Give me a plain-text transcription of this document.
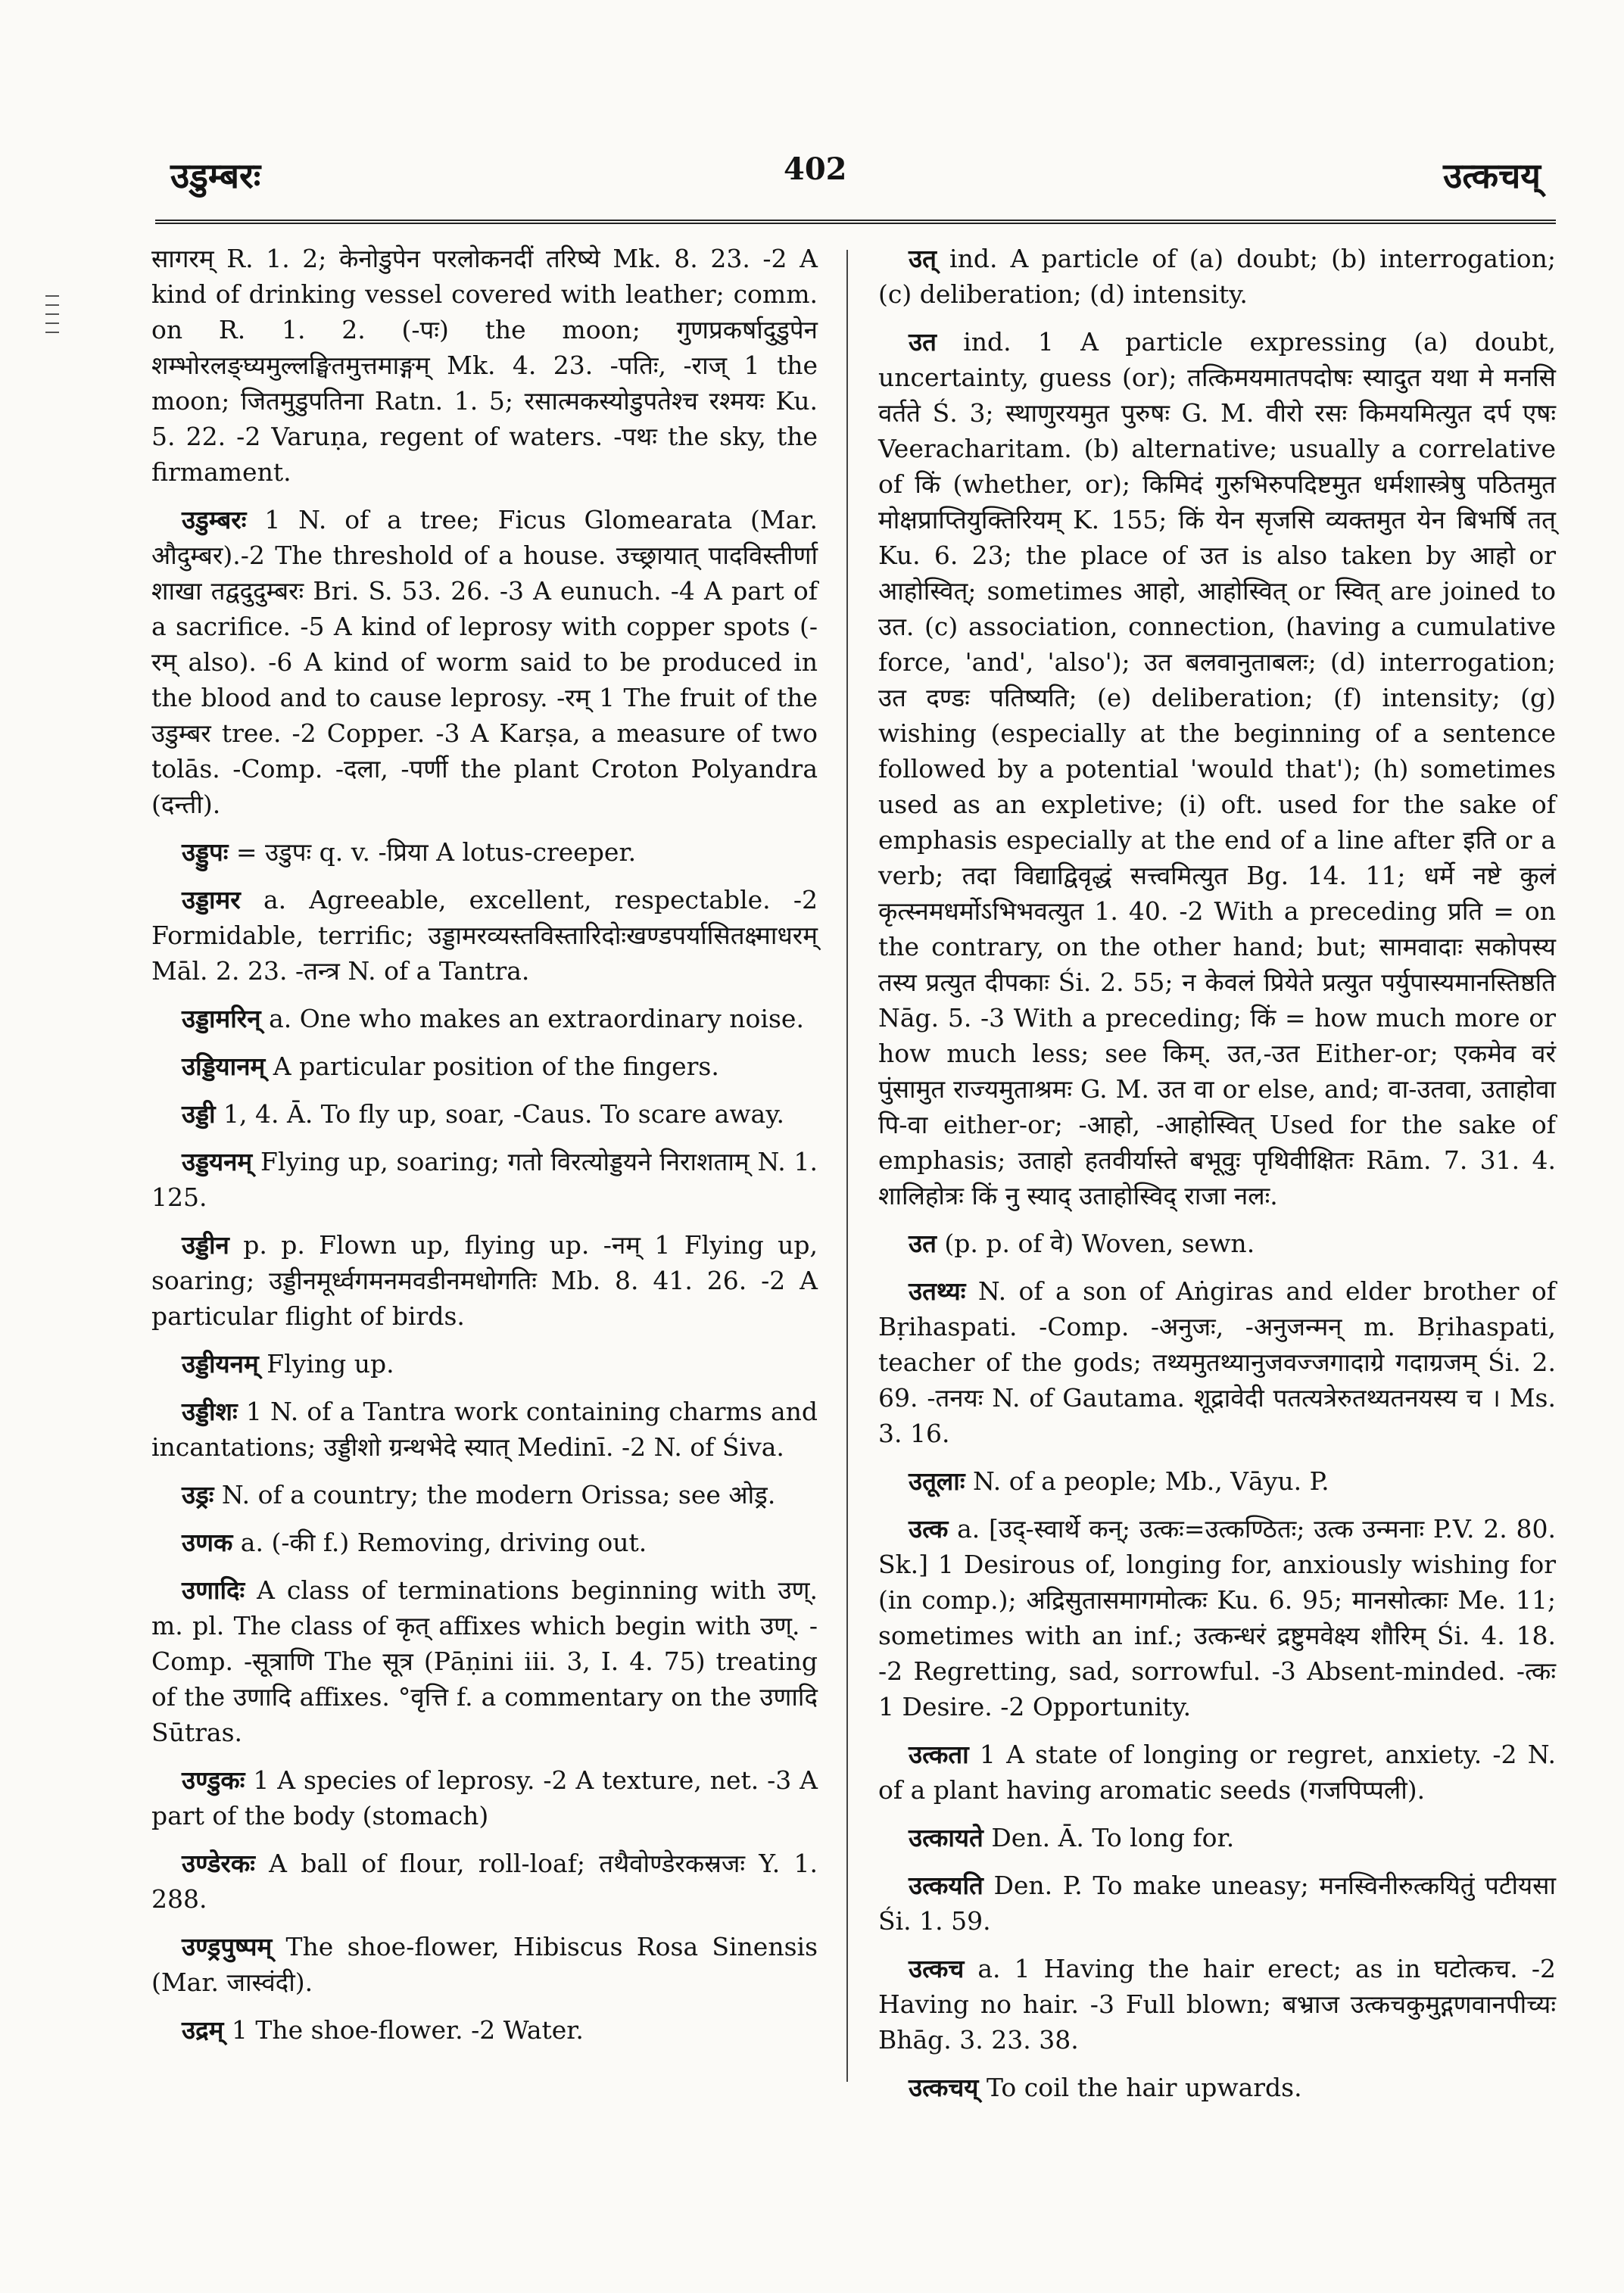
उडुम्बरः	402	उत्कचय्

सागरम् R. 1. 2; केनोडुपेन परलोकनदीं तरिष्ये Mk. 8. 23. -2 A kind of drinking vessel covered with leather; comm. on R. 1. 2. (-पः) the moon; गुणप्रकर्षादुडुपेन शम्भोरलङ्घ्यमुल्लङ्घितमुत्तमाङ्गम् Mk. 4. 23. -पतिः, -राज् 1 the moon; जितमुडुपतिना Ratn. 1. 5; रसात्मकस्योडुपतेश्च रश्मयः Ku. 5. 22. -2 Varuṇa, regent of waters. -पथः the sky, the firmament.

उडुम्बरः 1 N. of a tree; Ficus Glomearata (Mar. औदुम्बर).-2 The threshold of a house. उच्छ्रायात् पादविस्तीर्णा शाखा तद्वदुदुम्बरः Bri. S. 53. 26. -3 A eunuch. -4 A part of a sacrifice. -5 A kind of leprosy with copper spots (-रम् also). -6 A kind of worm said to be produced in the blood and to cause leprosy. -रम् 1 The fruit of the उडुम्बर tree. -2 Copper. -3 A Karṣa, a measure of two tolās. -Comp. -दला, -पर्णी the plant Croton Polyandra (दन्ती).

उड्डुपः = उडुपः q. v. -प्रिया A lotus-creeper.

उड्डामर a. Agreeable, excellent, respectable. -2 Formidable, terrific; उड्डामरव्यस्तविस्तारिदोःखण्डपर्यासितक्ष्माधरम् Māl. 2. 23. -तन्त्र N. of a Tantra.

उड्डामरिन् a. One who makes an extraordinary noise.

उड्डियानम् A particular position of the fingers.

उड्डी 1, 4. Ā. To fly up, soar, -Caus. To scare away.

उड्डयनम् Flying up, soaring; गतो विरत्योड्डयने निराशताम् N. 1. 125.

उड्डीन p. p. Flown up, flying up. -नम् 1 Flying up, soaring; उड्डीनमूर्ध्वगमनमवडीनमधोगतिः Mb. 8. 41. 26. -2 A particular flight of birds.

उड्डीयनम् Flying up.

उड्डीशः 1 N. of a Tantra work containing charms and incantations; उड्डीशो ग्रन्थभेदे स्यात् Medinī. -2 N. of Śiva.

उड्रः N. of a country; the modern Orissa; see ओड्र.

उणक a. (-की f.) Removing, driving out.

उणादिः A class of terminations beginning with उण्. m. pl. The class of कृत् affixes which begin with उण्. -Comp. -सूत्राणि The सूत्र (Pāṇini iii. 3, I. 4. 75) treating of the उणादि affixes. °वृत्ति f. a commentary on the उणादि Sūtras.

उण्डुकः 1 A species of leprosy. -2 A texture, net. -3 A part of the body (stomach)

उण्डेरकः A ball of flour, roll-loaf; तथैवोण्डेरकस्रजः Y. 1. 288.

उण्ड्रपुष्पम् The shoe-flower, Hibiscus Rosa Sinensis (Mar. जास्वंदी).

उद्रम् 1 The shoe-flower. -2 Water.

उत् ind. A particle of (a) doubt; (b) interrogation; (c) deliberation; (d) intensity.

उत ind. 1 A particle expressing (a) doubt, uncertainty, guess (or); तत्किमयमातपदोषः स्यादुत यथा मे मनसि वर्तते Ś. 3; स्थाणुरयमुत पुरुषः G. M. वीरो रसः किमयमित्युत दर्प एषः Veeracharitam. (b) alternative; usually a correlative of किं (whether, or); किमिदं गुरुभिरुपदिष्टमुत धर्मशास्त्रेषु पठितमुत मोक्षप्राप्तियुक्तिरियम् K. 155; किं येन सृजसि व्यक्तमुत येन बिभर्षि तत् Ku. 6. 23; the place of उत is also taken by आहो or आहोस्वित्; sometimes आहो, आहोस्वित् or स्वित् are joined to उत. (c) association, connection, (having a cumulative force, 'and', 'also'); उत बलवानुताबलः; (d) interrogation; उत दण्डः पतिष्यति; (e) deliberation; (f) intensity; (g) wishing (especially at the beginning of a sentence followed by a potential 'would that'); (h) sometimes used as an expletive; (i) oft. used for the sake of emphasis especially at the end of a line after इति or a verb; तदा विद्याद्विवृद्धं सत्त्वमित्युत Bg. 14. 11; धर्मे नष्टे कुलं कृत्स्नमधर्मोऽभिभवत्युत 1. 40. -2 With a preceding प्रति = on the contrary, on the other hand; but; सामवादाः सकोपस्य तस्य प्रत्युत दीपकाः Śi. 2. 55; न केवलं प्रियेते प्रत्युत पर्युपास्यमानस्तिष्ठति Nāg. 5. -3 With a preceding; किं = how much more or how much less; see किम्. उत,-उत Either-or; एकमेव वरं पुंसामुत राज्यमुताश्रमः G. M. उत वा or else, and; वा-उतवा, उताहोवा पि-वा either-or; -आहो, -आहोस्वित् Used for the sake of emphasis; उताहो हतवीर्यास्ते बभूवुः पृथिवीक्षितः Rām. 7. 31. 4. शालिहोत्रः किं नु स्याद् उताहोस्विद् राजा नलः.

उत (p. p. of वे) Woven, sewn.

उतथ्यः N. of a son of Aṅgiras and elder brother of Bṛihaspati. -Comp. -अनुजः, -अनुजन्मन् m. Bṛihaspati, teacher of the gods; तथ्यमुतथ्यानुजवज्जगादाग्रे गदाग्रजम् Śi. 2. 69. -तनयः N. of Gautama. शूद्रावेदी पतत्यत्रेरुतथ्यतनयस्य च । Ms. 3. 16.

उतूलाः N. of a people; Mb., Vāyu. P.

उत्क a. [उद्-स्वार्थे कन्; उत्कः=उत्कण्ठितः; उत्क उन्मनाः P.V. 2. 80. Sk.] 1 Desirous of, longing for, anxiously wishing for (in comp.); अद्रिसुतासमागमोत्कः Ku. 6. 95; मानसोत्काः Me. 11; sometimes with an inf.; उत्कन्धरं द्रष्टुमवेक्ष्य शौरिम् Śi. 4. 18. -2 Regretting, sad, sorrowful. -3 Absent-minded. -त्कः 1 Desire. -2 Opportunity.

उत्कता 1 A state of longing or regret, anxiety. -2 N. of a plant having aromatic seeds (गजपिप्पली).

उत्कायते Den. Ā. To long for.

उत्कयति Den. P. To make uneasy; मनस्विनीरुत्कयितुं पटीयसा Śi. 1. 59.

उत्कच a. 1 Having the hair erect; as in घटोत्कच. -2 Having no hair. -3 Full blown; बभ्राज उत्कचकुमुद्गणवानपीच्यः Bhāg. 3. 23. 38.

उत्कचय् To coil the hair upwards.
